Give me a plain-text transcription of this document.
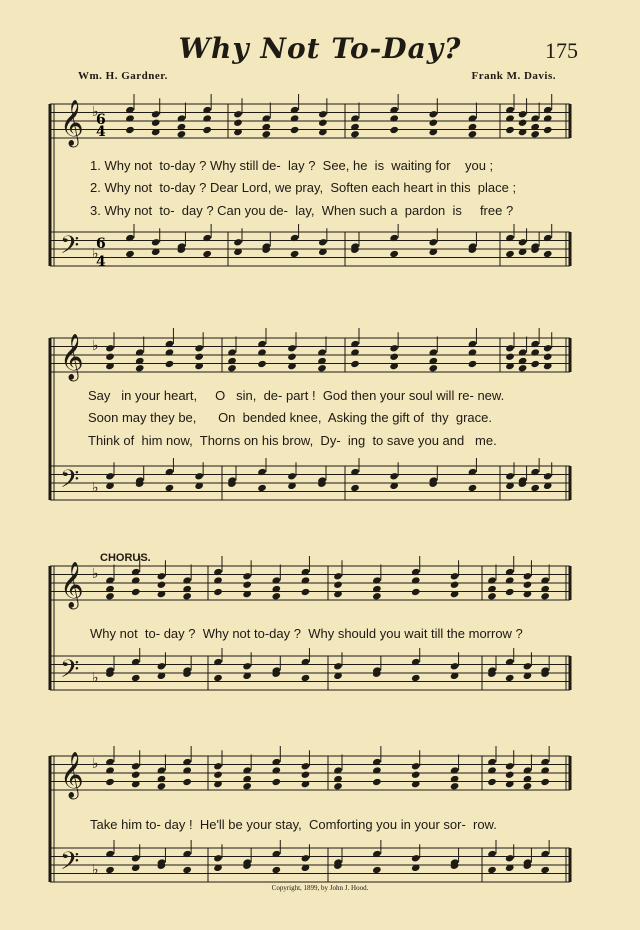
Why Not To-Day?	175
Wm. H. Gardner.	Frank M. Davis.
𝄞
𝄢
♭
♭
𝄞
𝄢
♭
♭
𝄞
𝄢
♭
♭
𝄞
𝄢
♭
♭
6
4
6
4
1. Why not  to-day ? Why still de-  lay ?  See, he  is  waiting for    you ;
2. Why not  to-day ? Dear Lord, we pray,  Soften each heart in this  place ;
3. Why not  to-  day ? Can you de-  lay,  When such a  pardon  is     free ?
Say   in your heart,     O   sin,  de- part !  God then your soul will re- new.
Soon may they be,      On  bended knee,  Asking the gift of  thy  grace.
Think of  him now,  Thorns on his brow,  Dy-  ing  to save you and   me.
CHORUS.
Why not  to- day ?  Why not to-day ?  Why should you wait till the morrow ?
Take him to- day !  He'll be your stay,  Comforting you in your sor-  row.
Copyright, 1899, by John J. Hood.
